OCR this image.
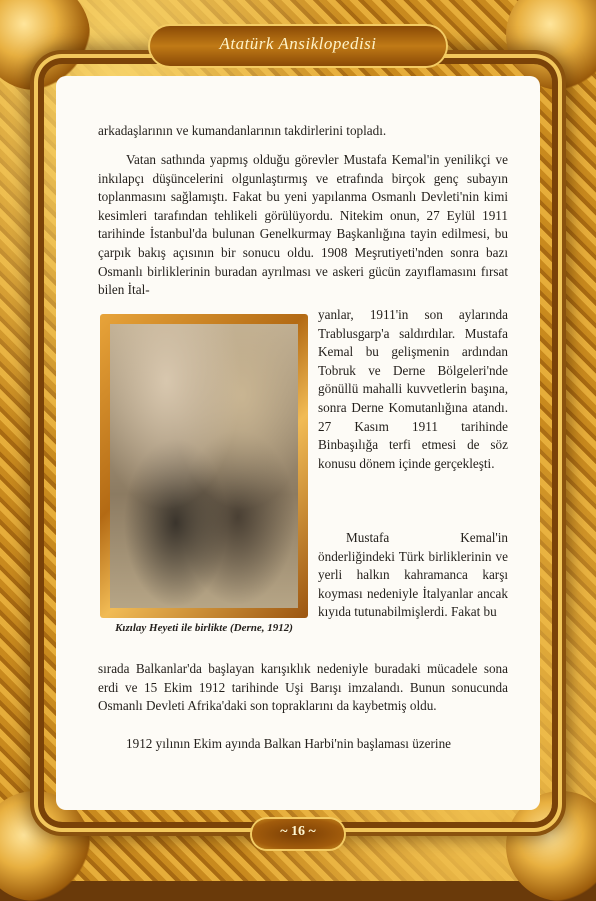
Atatürk Ansiklopedisi
arkadaşlarının ve kumandanlarının takdirlerini topladı.
Vatan sathında yapmış olduğu görevler Mustafa Kemal'in yenilikçi ve inkılapçı düşüncelerini olgunlaştırmış ve etrafında birçok genç subayın toplanmasını sağlamıştı. Fakat bu yeni yapılanma Osmanlı Devleti'nin kimi kesimleri tarafından tehlikeli görülüyordu. Nitekim onun, 27 Eylül 1911 tarihinde İstanbul'da bulunan Genelkurmay Başkanlığına tayin edilmesi, bu çarpık bakış açısının bir sonucu oldu. 1908 Meşrutiyeti'nden sonra bazı Osmanlı birliklerinin buradan ayrılması ve askeri gücün zayıflamasını fırsat bilen İtal-
Kızılay Heyeti ile birlikte (Derne, 1912)
yanlar, 1911'in son aylarında Trablusgarp'a saldırdılar. Mustafa Kemal bu gelişmenin ardından Tobruk ve Derne Bölgeleri'nde gönüllü mahalli kuvvetlerin başına, sonra Derne Komutanlığına atandı. 27 Kasım 1911 tarihinde Binbaşılığa terfi etmesi de söz konusu dönem içinde gerçekleşti.
Mustafa Kemal'in önderliğindeki Türk birliklerinin ve yerli halkın kahramanca karşı koyması nedeniyle İtalyanlar ancak kıyıda tutunabilmişlerdi. Fakat bu
sırada Balkanlar'da başlayan karışıklık nedeniyle buradaki mücadele sona erdi ve 15 Ekim 1912 tarihinde Uşi Barışı imzalandı. Bunun sonucunda Osmanlı Devleti Afrika'daki son topraklarını da kaybetmiş oldu.
1912 yılının Ekim ayında Balkan Harbi'nin başlaması üzerine
~ 16 ~
